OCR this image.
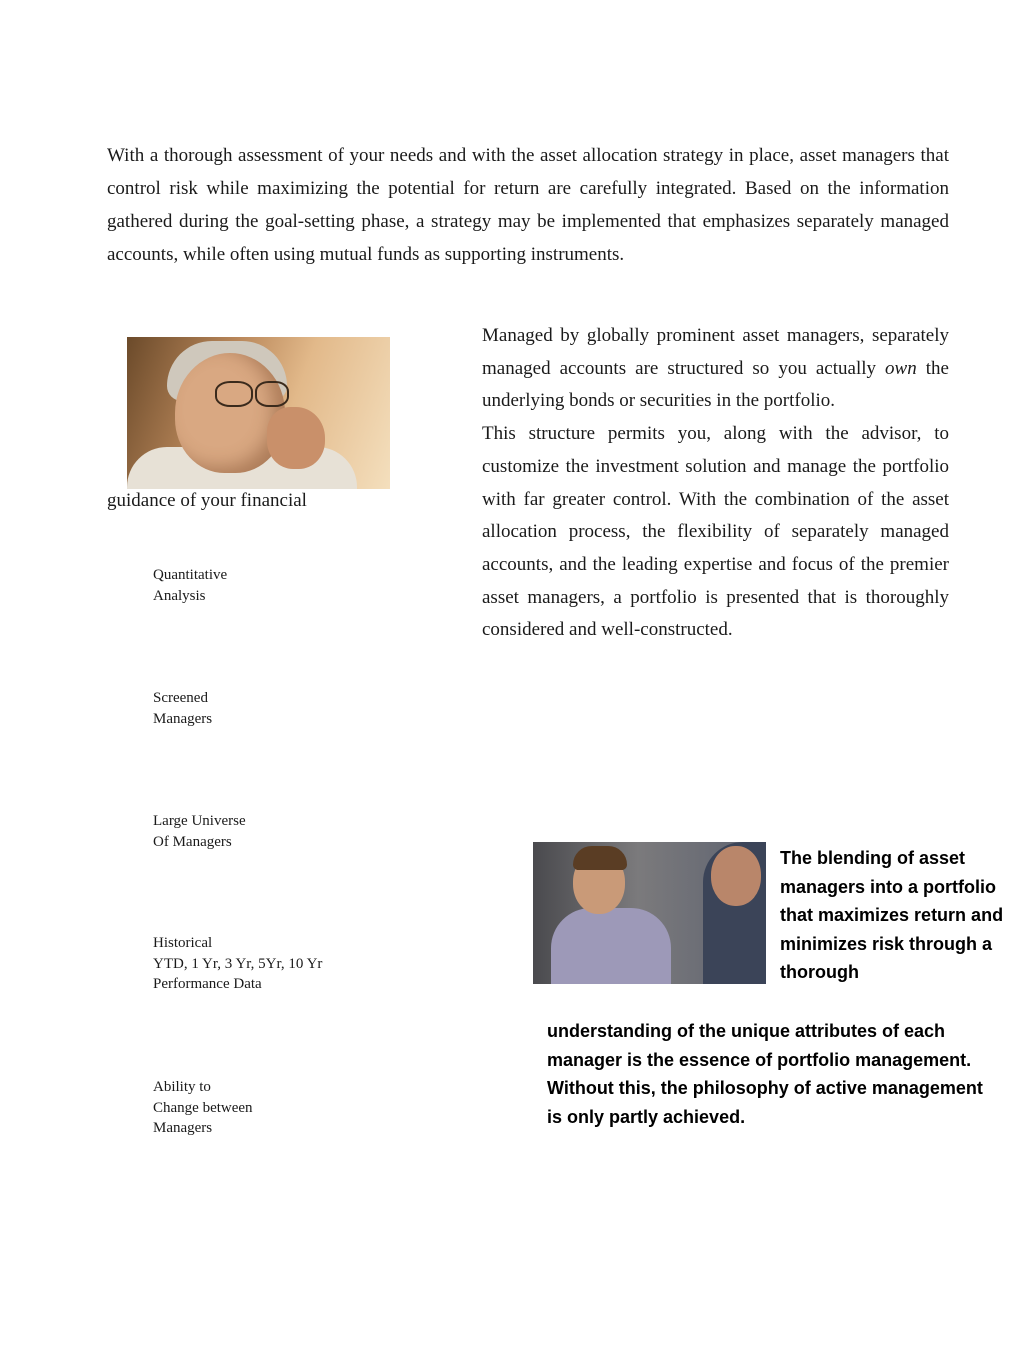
With a thorough assessment of your needs and with the asset allocation strategy in place, asset managers that control risk while maximizing the potential for return are carefully integrated. Based on the information gathered during the goal-setting phase, a strategy may be implemented that emphasizes separately managed accounts, while often using mutual funds as supporting instruments.

guidance of your financial

Managed by globally prominent asset managers, separately managed accounts are structured so you actually own the underlying bonds or securities in the portfolio.

This structure permits you, along with the advisor, to customize the investment solution and manage the portfolio with far greater control. With the combination of the asset allocation process, the flexibility of separately managed accounts, and the leading expertise and focus of the premier asset managers, a portfolio is presented that is thoroughly considered and well-constructed.

Quantitative
Analysis
Screened
Managers
Large Universe
Of Managers
Historical
YTD, 1 Yr, 3 Yr, 5Yr, 10 Yr
Performance Data
Ability to
Change between
Managers
The blending of asset managers into a portfolio that maximizes return and minimizes risk through a thorough
understanding of the unique attributes of each manager is the essence of portfolio management. Without this, the philosophy of active management is only partly achieved.
